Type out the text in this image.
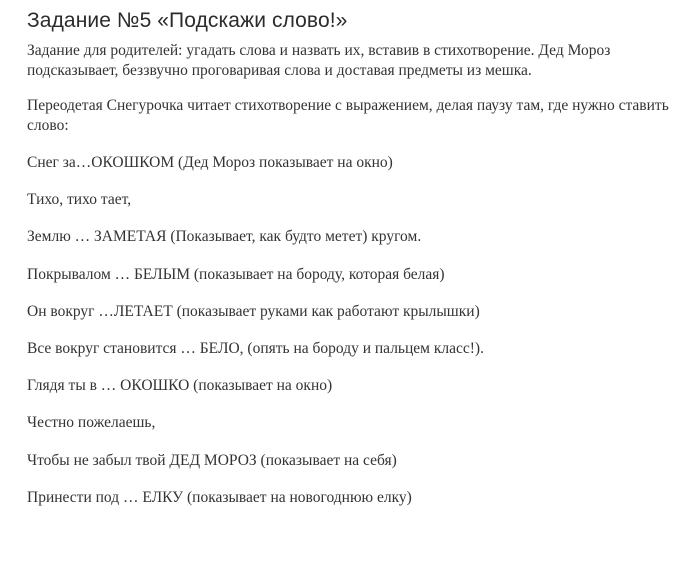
Задание №5 «Подскажи слово!»

Задание для родителей: угадать слова и назвать их, вставив в стихотворение. Дед Мороз подсказывает, беззвучно проговаривая слова и доставая предметы из мешка.

Переодетая Снегурочка читает стихотворение с выражением, делая паузу там, где нужно ставить слово:

Снег за…ОКОШКОМ (Дед Мороз показывает на окно)

Тихо, тихо тает,

Землю … ЗАМЕТАЯ (Показывает, как будто метет) кругом.

Покрывалом … БЕЛЫМ (показывает на бороду, которая белая)

Он вокруг …ЛЕТАЕТ (показывает руками как работают крылышки)

Все вокруг становится … БЕЛО, (опять на бороду и пальцем класс!).

Глядя ты в … ОКОШКО (показывает на окно)

Честно пожелаешь,

Чтобы не забыл твой ДЕД МОРОЗ (показывает на себя)

Принести под … ЕЛКУ (показывает на новогоднюю елку)
